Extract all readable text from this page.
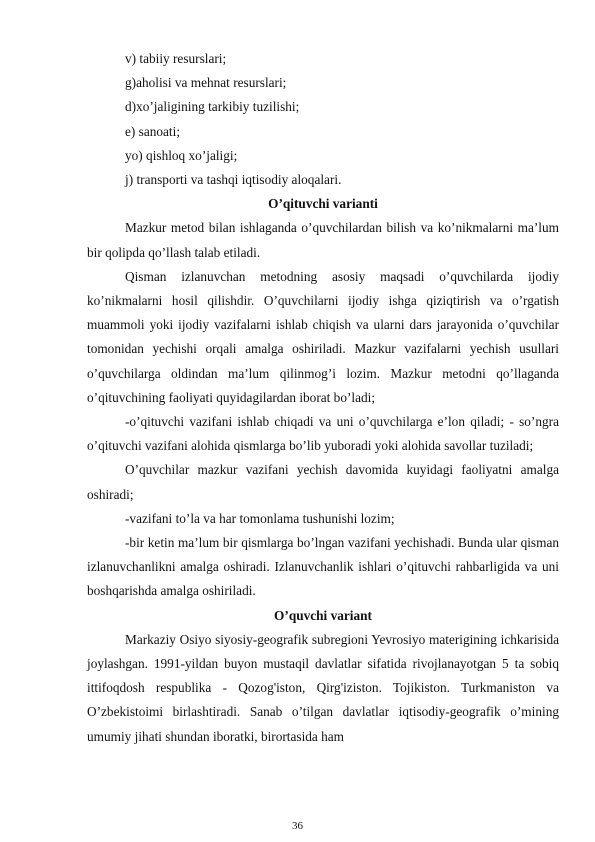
v) tabiiy resurslari;
g)aholisi va mehnat resurslari;
d)xo’jaligining tarkibiy tuzilishi;
e) sanoati;
yo) qishloq xo’jaligi;
j) transporti va tashqi iqtisodiy aloqalari.
O’qituvchi varianti
Mazkur metod bilan ishlaganda o’quvchilardan bilish va ko’nikmalarni ma’lum bir qolipda qo’llash talab etiladi.
Qisman izlanuvchan metodning asosiy maqsadi o’quvchilarda ijodiy ko’nikmalarni hosil qilishdir. O’quvchilarni ijodiy ishga qiziqtirish va o’rgatish muammoli yoki ijodiy vazifalarni ishlab chiqish va ularni dars jarayonida o’quvchilar tomonidan yechishi orqali amalga oshiriladi. Mazkur vazifalarni yechish usullari o’quvchilarga oldindan ma’lum qilinmog’i lozim. Mazkur metodni qo’llaganda o’qituvchining faoliyati quyidagilardan iborat bo’ladi;
-o’qituvchi vazifani ishlab chiqadi va uni o’quvchilarga e’lon qiladi; - so’ngra o’qituvchi vazifani alohida qismlarga bo’lib yuboradi yoki alohida savollar tuziladi;
O’quvchilar mazkur vazifani yechish davomida kuyidagi faoliyatni amalga oshiradi;
-vazifani to’la va har tomonlama tushunishi lozim;
-bir ketin ma’lum bir qismlarga bo’lngan vazifani yechishadi. Bunda ular qisman izlanuvchanlikni amalga oshiradi. Izlanuvchanlik ishlari o’qituvchi rahbarligida va uni boshqarishda amalga oshiriladi.
O’quvchi variant
Markaziy Osiyo siyosiy-geografik subregioni Yevrosiyo materigining ichkarisida joylashgan. 1991-yildan buyon mustaqil davlatlar sifatida rivojlanayotgan 5 ta sobiq ittifoqdosh respublika - Qozog'iston, Qirg'iziston. Tojikiston. Turkmaniston va O’zbekistoimi birlashtiradi. Sanab o’tilgan davlatlar iqtisodiy-geografik o’mining umumiy jihati shundan iboratki, birortasida ham
36
